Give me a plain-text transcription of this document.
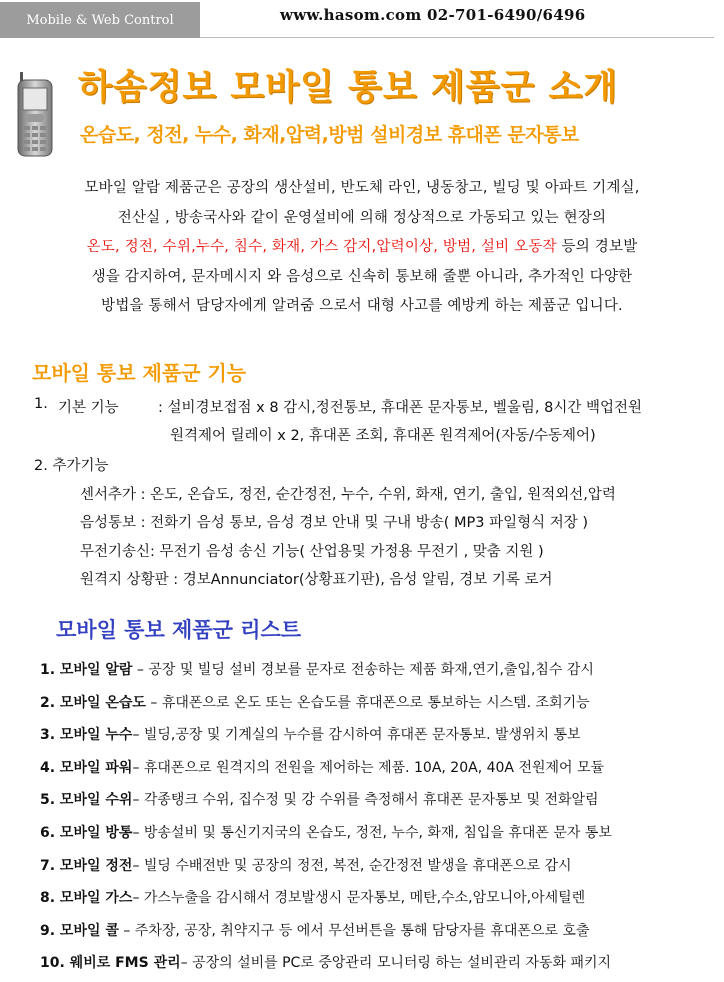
Mobile & Web Control	www.hasom.com 02-701-6490/6496
하솜정보 모바일 통보 제품군 소개
온습도, 정전, 누수, 화재,압력,방범 설비경보 휴대폰 문자통보
모바일 알람 제품군은 공장의 생산설비, 반도체 라인, 냉동창고, 빌딩 및 아파트 기계실,
전산실 , 방송국사와 같이 운영설비에 의해 정상적으로 가동되고 있는 현장의
온도, 정전, 수위,누수, 침수, 화재, 가스 감지,압력이상, 방범, 설비 오동작 등의 경보발
생을 감지하여, 문자메시지 와 음성으로 신속히 통보해 줄뿐 아니라, 추가적인 다양한
방법을 통해서 담당자에게 알려줌 으로서 대형 사고를 예방케 하는 제품군 입니다.
모바일 통보 제품군 기능
1. 기본 기능	: 설비경보접점 x 8 감시,정전통보, 휴대폰 문자통보, 벨울림, 8시간 백업전원
원격제어 릴레이 x 2, 휴대폰 조회, 휴대폰 원격제어(자동/수동제어)
2. 추가기능
센서추가 : 온도, 온습도, 정전, 순간정전, 누수, 수위, 화재, 연기, 출입, 원적외선,압력
음성통보 : 전화기 음성 통보, 음성 경보 안내 및 구내 방송( MP3 파일형식 저장 )
무전기송신: 무전기 음성 송신 기능( 산업용및 가정용 무전기 , 맞춤 지원 )
원격지 상황판 : 경보Annunciator(상황표기판), 음성 알림, 경보 기록 로거
모바일 통보 제품군 리스트
1. 모바일 알람 – 공장 및 빌딩 설비 경보를 문자로 전송하는 제품 화재,연기,출입,침수 감시
2. 모바일 온습도 – 휴대폰으로 온도 또는 온습도를 휴대폰으로 통보하는 시스템. 조회기능
3. 모바일 누수– 빌딩,공장 및 기계실의 누수를 감시하여 휴대폰 문자통보. 발생위치 통보
4. 모바일 파워– 휴대폰으로 원격지의 전원을 제어하는 제품. 10A, 20A, 40A 전원제어 모듈
5. 모바일 수위– 각종탱크 수위, 집수정 및 강 수위를 측정해서 휴대폰 문자통보 및 전화알림
6. 모바일 방통– 방송설비 및 통신기지국의 온습도, 정전, 누수, 화재, 침입을 휴대폰 문자 통보
7. 모바일 정전– 빌딩 수배전반 및 공장의 정전, 복전, 순간정전 발생을 휴대폰으로 감시
8. 모바일 가스– 가스누출을 감시해서 경보발생시 문자통보, 메탄,수소,암모니아,아세틸렌
9. 모바일 콜 – 주차장, 공장, 취약지구 등 에서 무선버튼을 통해 담당자를 휴대폰으로 호출
10. 웨비로 FMS 관리– 공장의 설비를 PC로 중앙관리 모니터링 하는 설비관리 자동화 패키지
